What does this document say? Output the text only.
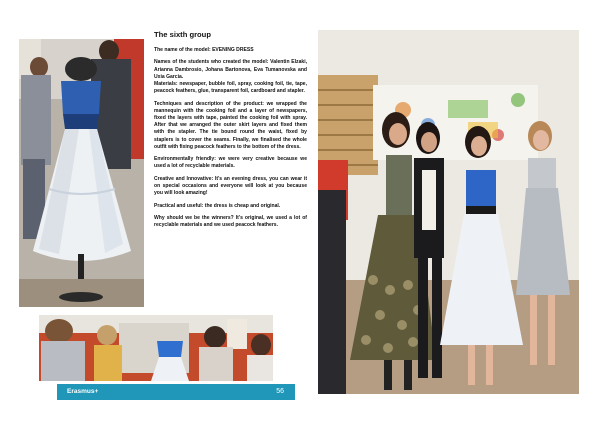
The sixth group

The name of the model: EVENING DRESS

Names of the students who created the model: Valentin Elzaki, Arianna Dambrosio, Johana Bartonova, Eva Tumanovska and Uxia Garcia.

Materials: newspaper, bubble foil, spray, cooking foil, tie, tape, peacock feathers, glue, transparent foil, cardboard and stapler.

Techniques and description of the product: we wrapped the mannequin with the cooking foil and a layer of newspapers, fixed the layers with tape, painted the cooking foil with spray. After that we arranged the outer skirt layers and fixed them with the stapler. The tie bound round the waist, fixed by staplers is to cover the seams. Finally, we finalised the whole outfit with fixing peacock feathers to the bottom of the dress.

Environmentally friendly: we were very creative because we used a lot of recyclable materials.

Creative and Innovative: It's an evening dress, you can wear it on special occasions and everyone will look at you because you will look amazing!

Practical and useful: the dress is cheap and original.

Why should we be the winners? It's original, we used a lot of recyclable materials and we used peacock feathers.

Erasmus+	56
